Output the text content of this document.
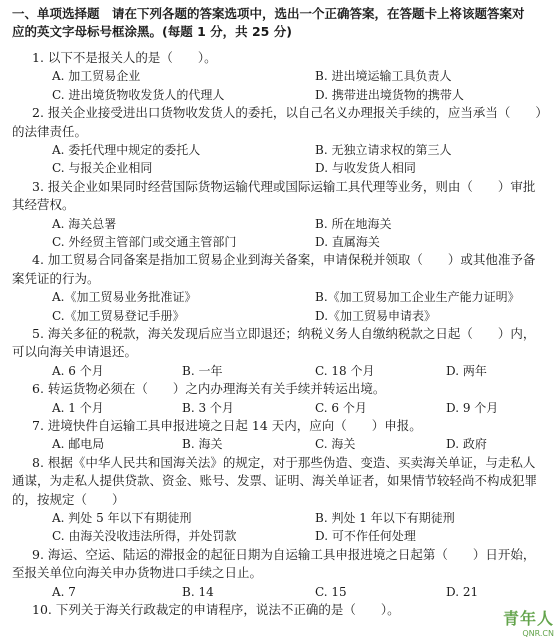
一、单项选择题　请在下列各题的答案选项中，选出一个正确答案，在答题卡上将该题答案对
应的英文字母标号框涂黑。(每题 1 分，共 25 分)
1. 以下不是报关人的是（　　）。
A. 加工贸易企业	B. 进出境运输工具负责人
C. 进出境货物收发货人的代理人	D. 携带进出境货物的携带人
2. 报关企业接受进出口货物收发货人的委托，以自己名义办理报关手续的，应当承当（　　）
的法律责任。
A. 委托代理中规定的委托人	B. 无独立请求权的第三人
C. 与报关企业相同	D. 与收发货人相同
3. 报关企业如果同时经营国际货物运输代理或国际运输工具代理等业务，则由（　　）审批
其经营权。
A. 海关总署	B. 所在地海关
C. 外经贸主管部门或交通主管部门	D. 直属海关
4. 加工贸易合同备案是指加工贸易企业到海关备案，申请保税并领取（　　）或其他准予备
案凭证的行为。
A.《加工贸易业务批准证》	B.《加工贸易加工企业生产能力证明》
C.《加工贸易登记手册》	D.《加工贸易申请表》
5. 海关多征的税款，海关发现后应当立即退还；纳税义务人自缴纳税款之日起（　　）内，
可以向海关申请退还。
A. 6 个月	B. 一年	C. 18 个月	D. 两年
6. 转运货物必须在（　　）之内办理海关有关手续并转运出境。
A. 1 个月	B. 3 个月	C. 6 个月	D. 9 个月
7. 进境快件自运输工具申报进境之日起 14 天内，应向（　　）申报。
A. 邮电局	B. 海关	C. 海关	D. 政府
8. 根据《中华人民共和国海关法》的规定，对于那些伪造、变造、买卖海关单证，与走私人
通谋，为走私人提供贷款、资金、账号、发票、证明、海关单证者，如果情节较轻尚不构成犯罪
的，按规定（　　）
A. 判处 5 年以下有期徒刑	B. 判处 1 年以下有期徒刑
C. 由海关没收违法所得，并处罚款	D. 可不作任何处理
9. 海运、空运、陆运的滞报金的起征日期为自运输工具申报进境之日起第（　　）日开始，
至报关单位向海关申办货物进口手续之日止。
A. 7	B. 14	C. 15	D. 21
10. 下列关于海关行政裁定的申请程序，说法不正确的是（　　）。	青年人
QNR.CN
